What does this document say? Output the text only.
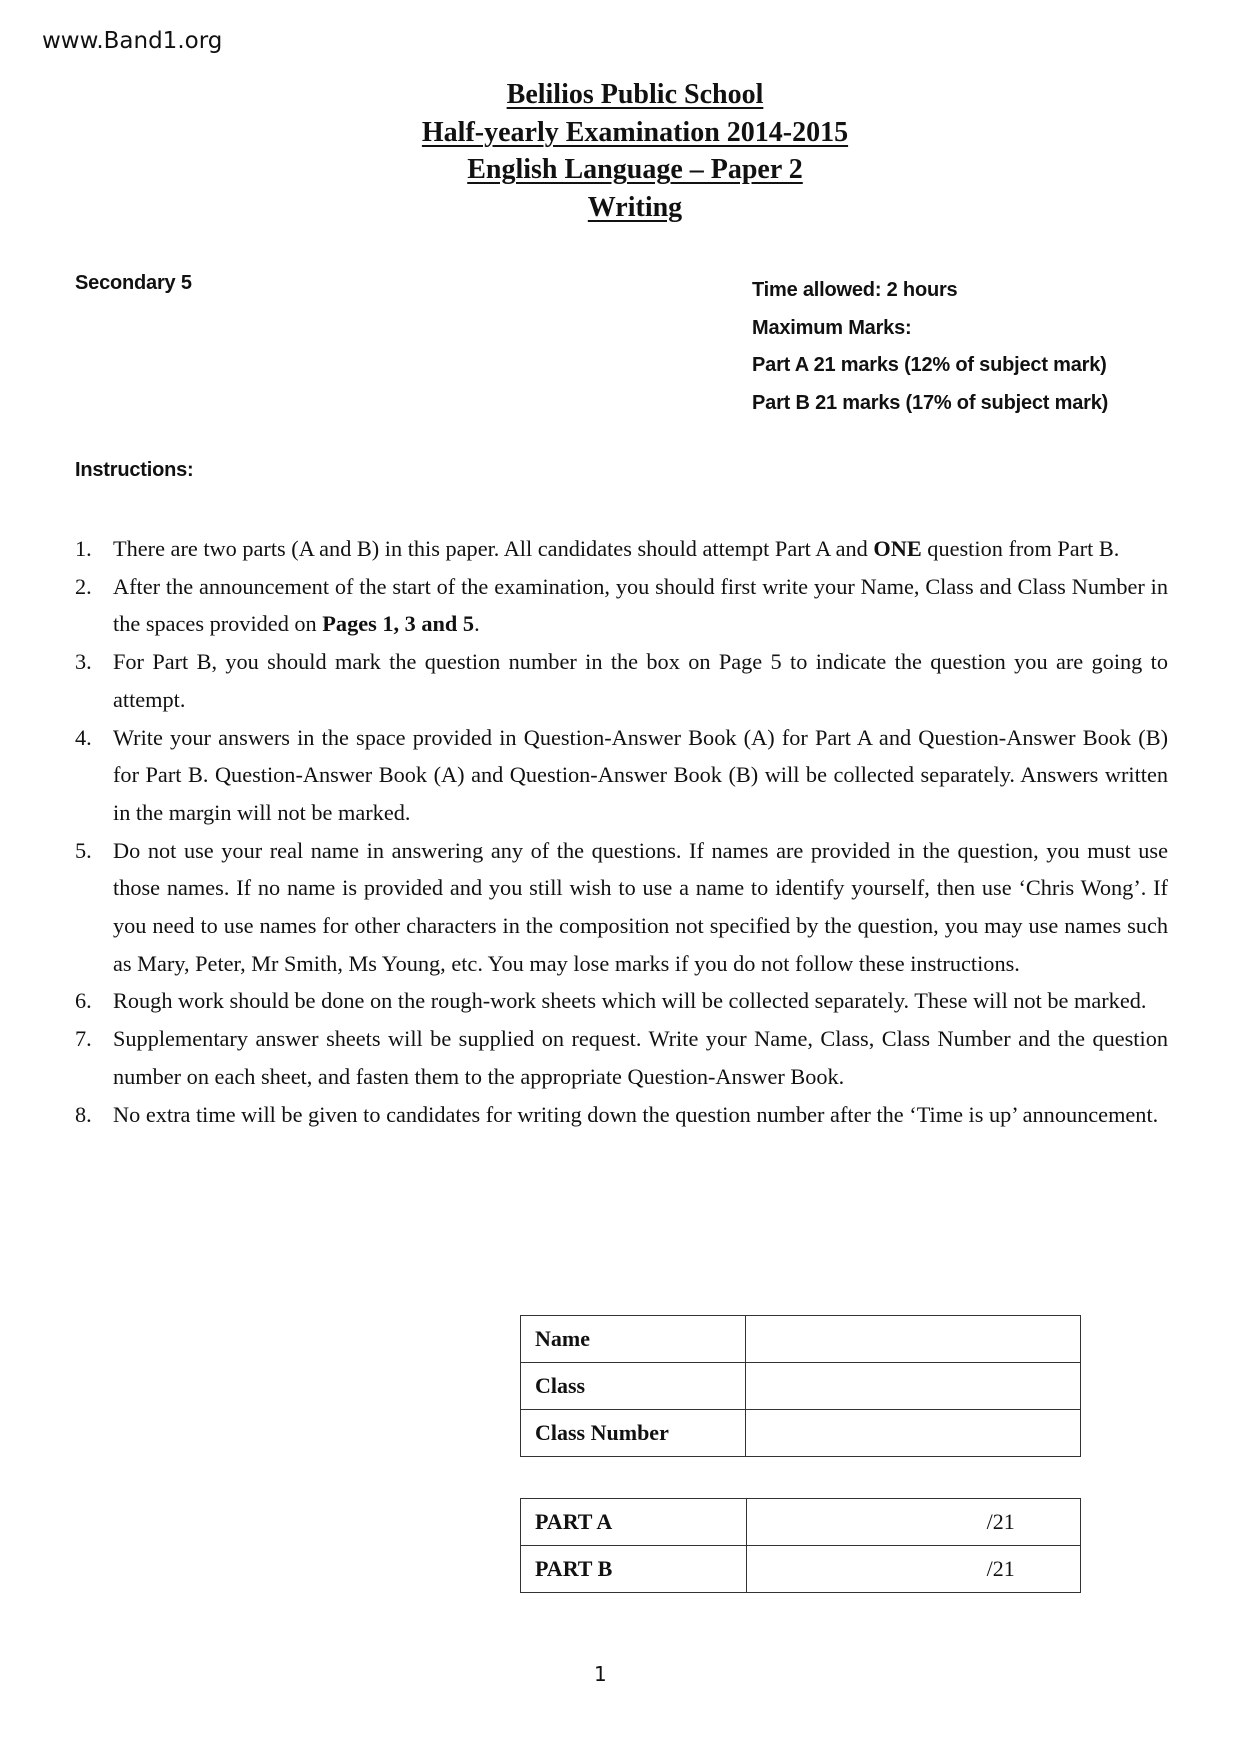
www.Band1.org
Belilios Public School
Half-yearly Examination 2014-2015
English Language – Paper 2
Writing
Secondary 5	Time allowed: 2 hours
Maximum Marks:
Part A 21 marks (12% of subject mark)
Part B 21 marks (17% of subject mark)
Instructions:
1. There are two parts (A and B) in this paper. All candidates should attempt Part A and ONE question from Part B.
2. After the announcement of the start of the examination, you should first write your Name, Class and Class Number in the spaces provided on Pages 1, 3 and 5.
3. For Part B, you should mark the question number in the box on Page 5 to indicate the question you are going to attempt.
4. Write your answers in the space provided in Question-Answer Book (A) for Part A and Question-Answer Book (B) for Part B. Question-Answer Book (A) and Question-Answer Book (B) will be collected separately. Answers written in the margin will not be marked.
5. Do not use your real name in answering any of the questions. If names are provided in the question, you must use those names. If no name is provided and you still wish to use a name to identify yourself, then use ‘Chris Wong’. If you need to use names for other characters in the composition not specified by the question, you may use names such as Mary, Peter, Mr Smith, Ms Young, etc. You may lose marks if you do not follow these instructions.
6. Rough work should be done on the rough-work sheets which will be collected separately. These will not be marked.
7. Supplementary answer sheets will be supplied on request. Write your Name, Class, Class Number and the question number on each sheet, and fasten them to the appropriate Question-Answer Book.
8. No extra time will be given to candidates for writing down the question number after the ‘Time is up’ announcement.
Name	
Class	
Class Number	
PART A	/21
PART B	/21
1
